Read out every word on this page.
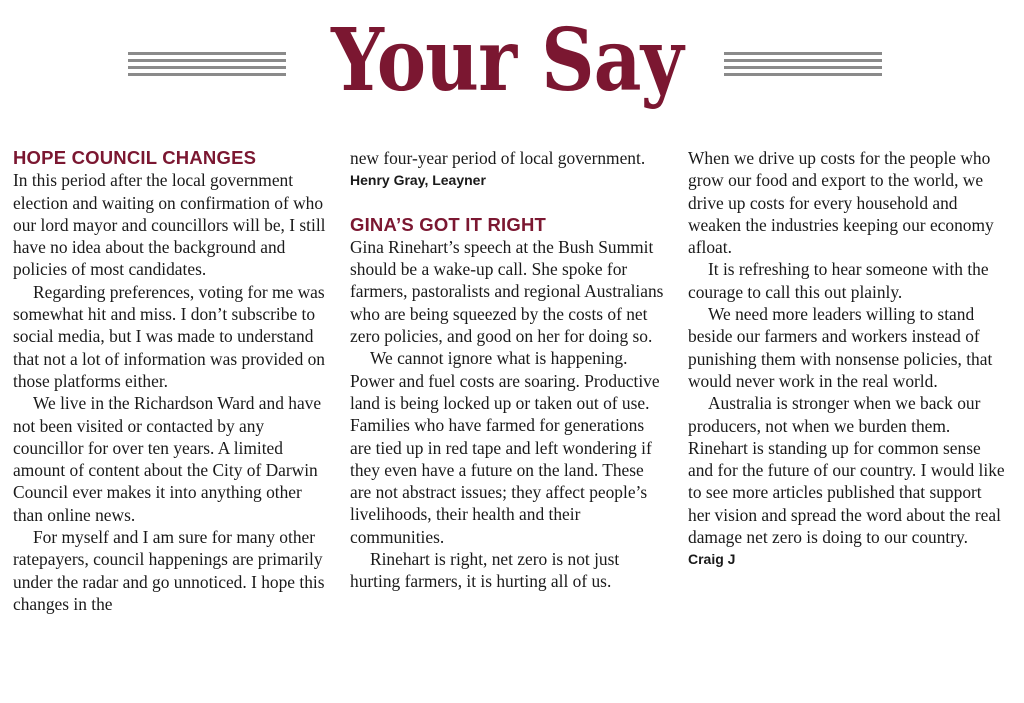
Your Say
HOPE COUNCIL CHANGES

In this period after the local government election and waiting on confirmation of who our lord mayor and councillors will be, I still have no idea about the background and policies of most candidates.

Regarding preferences, voting for me was somewhat hit and miss. I don’t subscribe to social media, but I was made to understand that not a lot of information was provided on those platforms either.

We live in the Richardson Ward and have not been visited or contacted by any councillor for over ten years. A limited amount of content about the City of Darwin Council ever makes it into anything other than online news.

For myself and I am sure for many other ratepayers, council happenings are primarily under the radar and go unnoticed. I hope this changes in the

new four-year period of local government.

Henry Gray, Leayner
GINA’S GOT IT RIGHT

Gina Rinehart’s speech at the Bush Summit should be a wake-up call. She spoke for farmers, pastoralists and regional Australians who are being squeezed by the costs of net zero policies, and good on her for doing so.

We cannot ignore what is happening. Power and fuel costs are soaring. Productive land is being locked up or taken out of use. Families who have farmed for generations are tied up in red tape and left wondering if they even have a future on the land. These are not abstract issues; they affect people’s livelihoods, their health and their communities.

Rinehart is right, net zero is not just hurting farmers, it is hurting all of us.

When we drive up costs for the people who grow our food and export to the world, we drive up costs for every household and weaken the industries keeping our economy afloat.

It is refreshing to hear someone with the courage to call this out plainly.

We need more leaders willing to stand beside our farmers and workers instead of punishing them with nonsense policies, that would never work in the real world.

Australia is stronger when we back our producers, not when we burden them. Rinehart is standing up for common sense and for the future of our country. I would like to see more articles published that support her vision and spread the word about the real damage net zero is doing to our country.

Craig J
